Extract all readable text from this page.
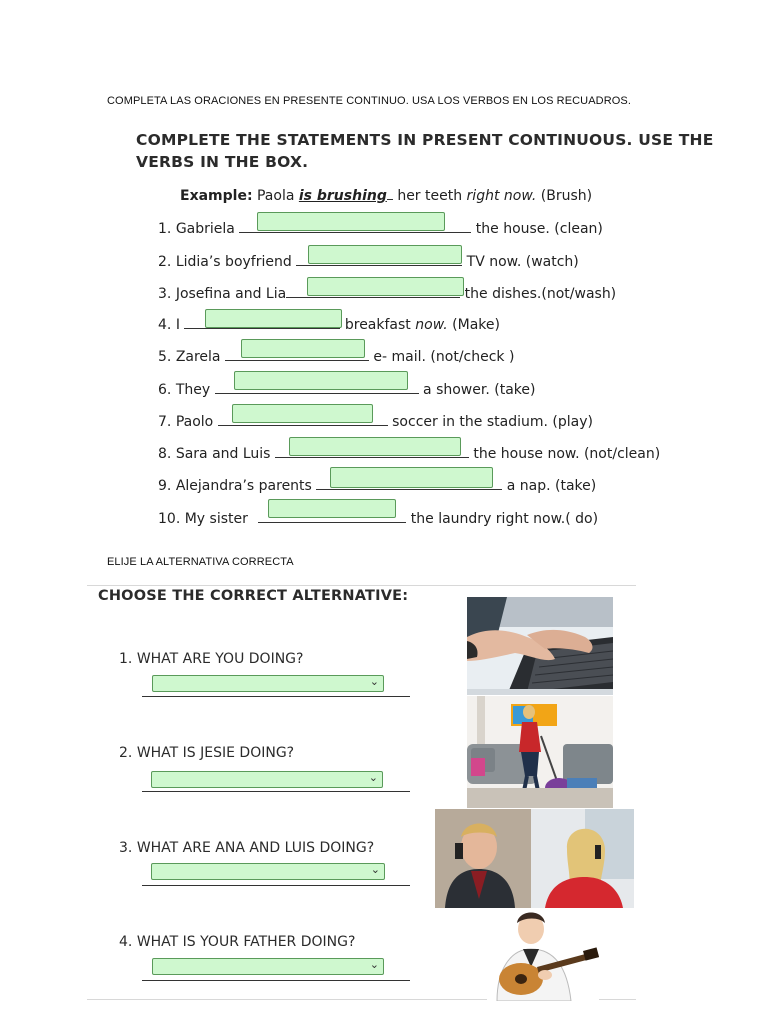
COMPLETA LAS ORACIONES EN PRESENTE CONTINUO. USA LOS VERBOS EN LOS RECUADROS.
COMPLETE THE STATEMENTS IN PRESENT CONTINUOUS. USE THE
VERBS IN THE BOX.
Example: Paola is brushing her teeth right now. (Brush)
1. Gabriela	the house. (clean)
2. Lidia’s boyfriend	TV now. (watch)
3. Josefina and Lia	the dishes.(not/wash)
4. I	breakfast now. (Make)
5. Zarela	e- mail. (not/check )
6. They	a shower. (take)
7. Paolo	soccer in the stadium. (play)
8. Sara and Luis	the house now. (not/clean)
9. Alejandra’s parents	a nap. (take)
10. My sister	the laundry right now.( do)
ELIJE LA ALTERNATIVA CORRECTA
CHOOSE THE CORRECT ALTERNATIVE:
1. WHAT ARE YOU DOING?
⌄
2. WHAT IS JESIE DOING?
⌄
3. WHAT ARE ANA AND LUIS DOING?
⌄
4. WHAT IS YOUR FATHER DOING?
⌄
